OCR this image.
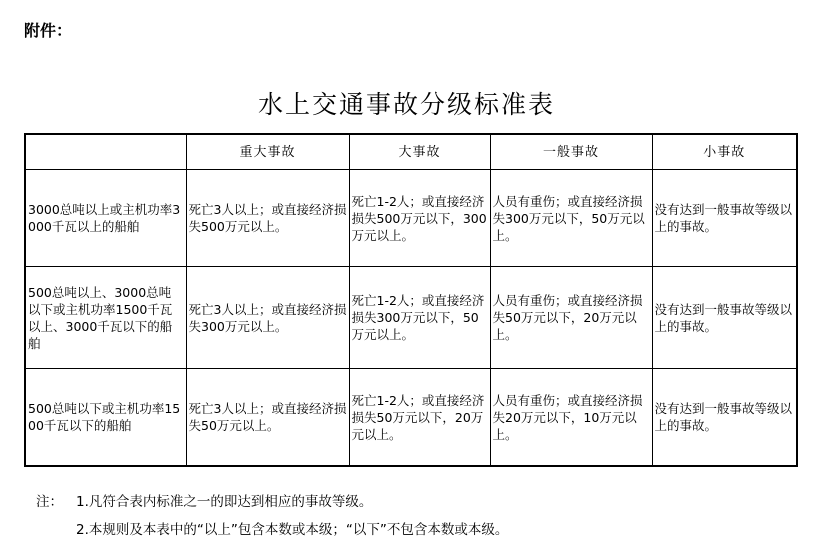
附件：
水上交通事故分级标准表
	重大事故	大事故	一般事故	小事故
3000总吨以上或主机功率3000千瓦以上的船舶	死亡3人以上；或直接经济损失500万元以上。	死亡1-2人；或直接经济损失500万元以下，300万元以上。	人员有重伤；或直接经济损失300万元以下，50万元以上。	没有达到一般事故等级以上的事故。
500总吨以上、3000总吨以下或主机功率1500千瓦以上、3000千瓦以下的船舶	死亡3人以上；或直接经济损失300万元以上。	死亡1-2人；或直接经济损失300万元以下，50万元以上。	人员有重伤；或直接经济损失50万元以下，20万元以上。	没有达到一般事故等级以上的事故。
500总吨以下或主机功率1500千瓦以下的船舶	死亡3人以上；或直接经济损失50万元以上。	死亡1-2人；或直接经济损失50万元以下，20万元以上。	人员有重伤；或直接经济损失20万元以下，10万元以上。	没有达到一般事故等级以上的事故。
注： 1.凡符合表内标准之一的即达到相应的事故等级。
2.本规则及本表中的“以上”包含本数或本级；“以下”不包含本数或本级。
